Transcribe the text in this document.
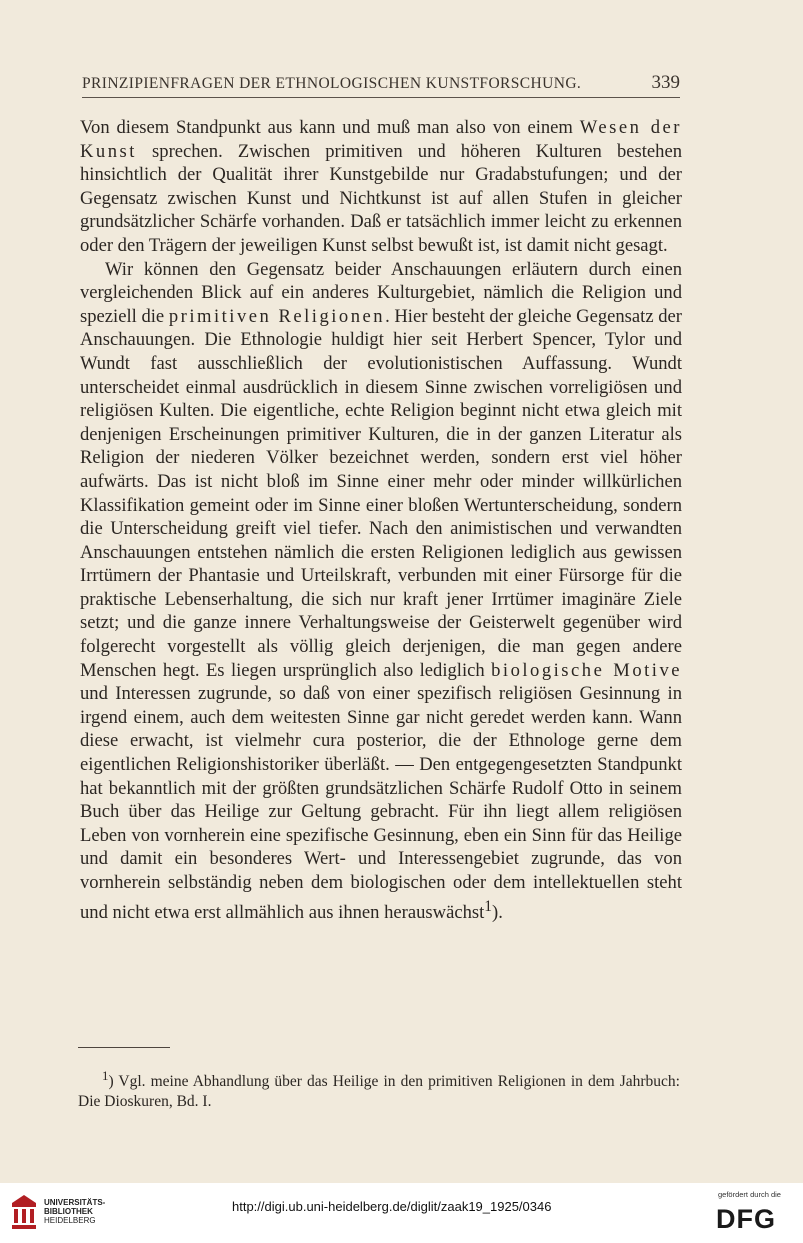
PRINZIPIENFRAGEN DER ETHNOLOGISCHEN KUNSTFORSCHUNG.	339

Von diesem Standpunkt aus kann und muß man also von einem Wesen der Kunst sprechen. Zwischen primitiven und höheren Kulturen bestehen hinsichtlich der Qualität ihrer Kunstgebilde nur Gradabstufungen; und der Gegensatz zwischen Kunst und Nichtkunst ist auf allen Stufen in gleicher grundsätzlicher Schärfe vorhanden. Daß er tatsächlich immer leicht zu erkennen oder den Trägern der jeweiligen Kunst selbst bewußt ist, ist damit nicht gesagt.

Wir können den Gegensatz beider Anschauungen erläutern durch einen vergleichenden Blick auf ein anderes Kulturgebiet, nämlich die Religion und speziell die primitiven Religionen. Hier besteht der gleiche Gegensatz der Anschauungen. Die Ethnologie huldigt hier seit Herbert Spencer, Tylor und Wundt fast ausschließlich der evolutionistischen Auffassung. Wundt unterscheidet einmal ausdrücklich in diesem Sinne zwischen vorreligiösen und religiösen Kulten. Die eigentliche, echte Religion beginnt nicht etwa gleich mit denjenigen Erscheinungen primitiver Kulturen, die in der ganzen Literatur als Religion der niederen Völker bezeichnet werden, sondern erst viel höher aufwärts. Das ist nicht bloß im Sinne einer mehr oder minder willkürlichen Klassifikation gemeint oder im Sinne einer bloßen Wertunterscheidung, sondern die Unterscheidung greift viel tiefer. Nach den animistischen und verwandten Anschauungen entstehen nämlich die ersten Religionen lediglich aus gewissen Irrtümern der Phantasie und Urteilskraft, verbunden mit einer Fürsorge für die praktische Lebenserhaltung, die sich nur kraft jener Irrtümer imaginäre Ziele setzt; und die ganze innere Verhaltungsweise der Geisterwelt gegenüber wird folgerecht vorgestellt als völlig gleich derjenigen, die man gegen andere Menschen hegt. Es liegen ursprünglich also lediglich biologische Motive und Interessen zugrunde, so daß von einer spezifisch religiösen Gesinnung in irgend einem, auch dem weitesten Sinne gar nicht geredet werden kann. Wann diese erwacht, ist vielmehr cura posterior, die der Ethnologe gerne dem eigentlichen Religionshistoriker überläßt. — Den entgegengesetzten Standpunkt hat bekanntlich mit der größten grundsätzlichen Schärfe Rudolf Otto in seinem Buch über das Heilige zur Geltung gebracht. Für ihn liegt allem religiösen Leben von vornherein eine spezifische Gesinnung, eben ein Sinn für das Heilige und damit ein besonderes Wert- und Interessengebiet zugrunde, das von vornherein selbständig neben dem biologischen oder dem intellektuellen steht und nicht etwa erst allmählich aus ihnen herauswächst$^1$).

$^1$) Vgl. meine Abhandlung über das Heilige in den primitiven Religionen in dem Jahrbuch: Die Dioskuren, Bd. I.
UNIVERSITÄTS-
BIBLIOTHEK
HEIDELBERG
http://digi.ub.uni-heidelberg.de/diglit/zaak19_1925/0346
gefördert durch die
DFG
